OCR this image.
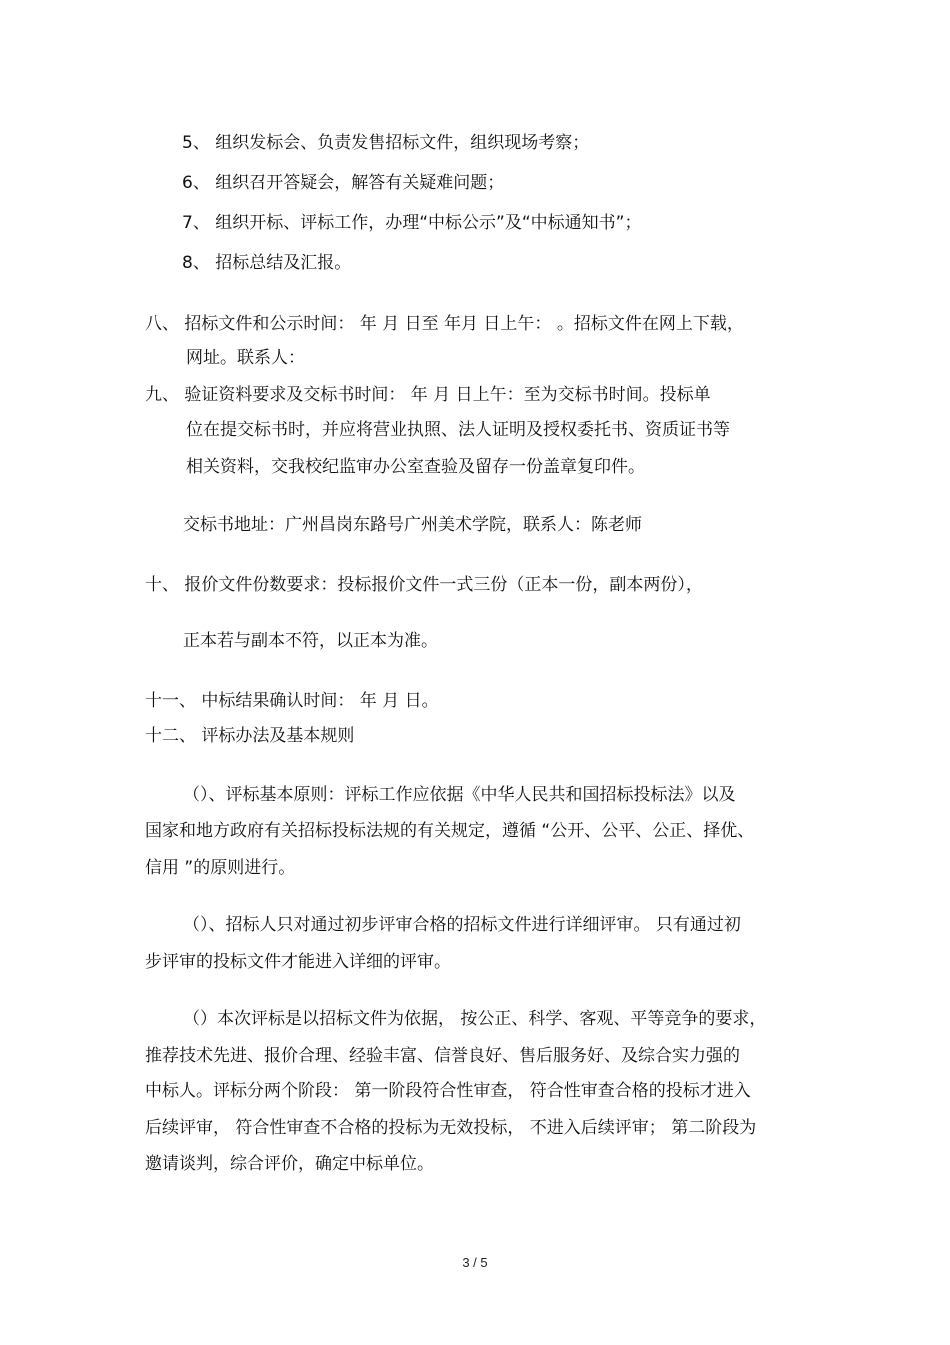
5、 组织发标会、负责发售招标文件，组织现场考察；
6、 组织召开答疑会，解答有关疑难问题；
7、 组织开标、评标工作，办理“中标公示”及“中标通知书”；
8、 招标总结及汇报。
八、 招标文件和公示时间： 年 月 日至 年月 日上午： 。招标文件在网上下载，
网址。联系人：
九、 验证资料要求及交标书时间： 年 月 日上午：至为交标书时间。投标单
位在提交标书时，并应将营业执照、法人证明及授权委托书、资质证书等
相关资料，交我校纪监审办公室查验及留存一份盖章复印件。
交标书地址：广州昌岗东路号广州美术学院，联系人：陈老师
十、 报价文件份数要求：投标报价文件一式三份（正本一份，副本两份），
正本若与副本不符，以正本为准。
十一、 中标结果确认时间： 年 月 日。
十二、 评标办法及基本规则
（）、评标基本原则：评标工作应依据《中华人民共和国招标投标法》以及
国家和地方政府有关招标投标法规的有关规定，遵循 “公开、公平、公正、择优、
信用 ”的原则进行。
（）、招标人只对通过初步评审合格的招标文件进行详细评审。 只有通过初
步评审的投标文件才能进入详细的评审。
（）本次评标是以招标文件为依据， 按公正、科学、客观、平等竞争的要求，
推荐技术先进、报价合理、经验丰富、信誉良好、售后服务好、及综合实力强的
中标人。评标分两个阶段： 第一阶段符合性审查， 符合性审查合格的投标才进入
后续评审， 符合性审查不合格的投标为无效投标， 不进入后续评审； 第二阶段为
邀请谈判，综合评价，确定中标单位。
3 / 5
